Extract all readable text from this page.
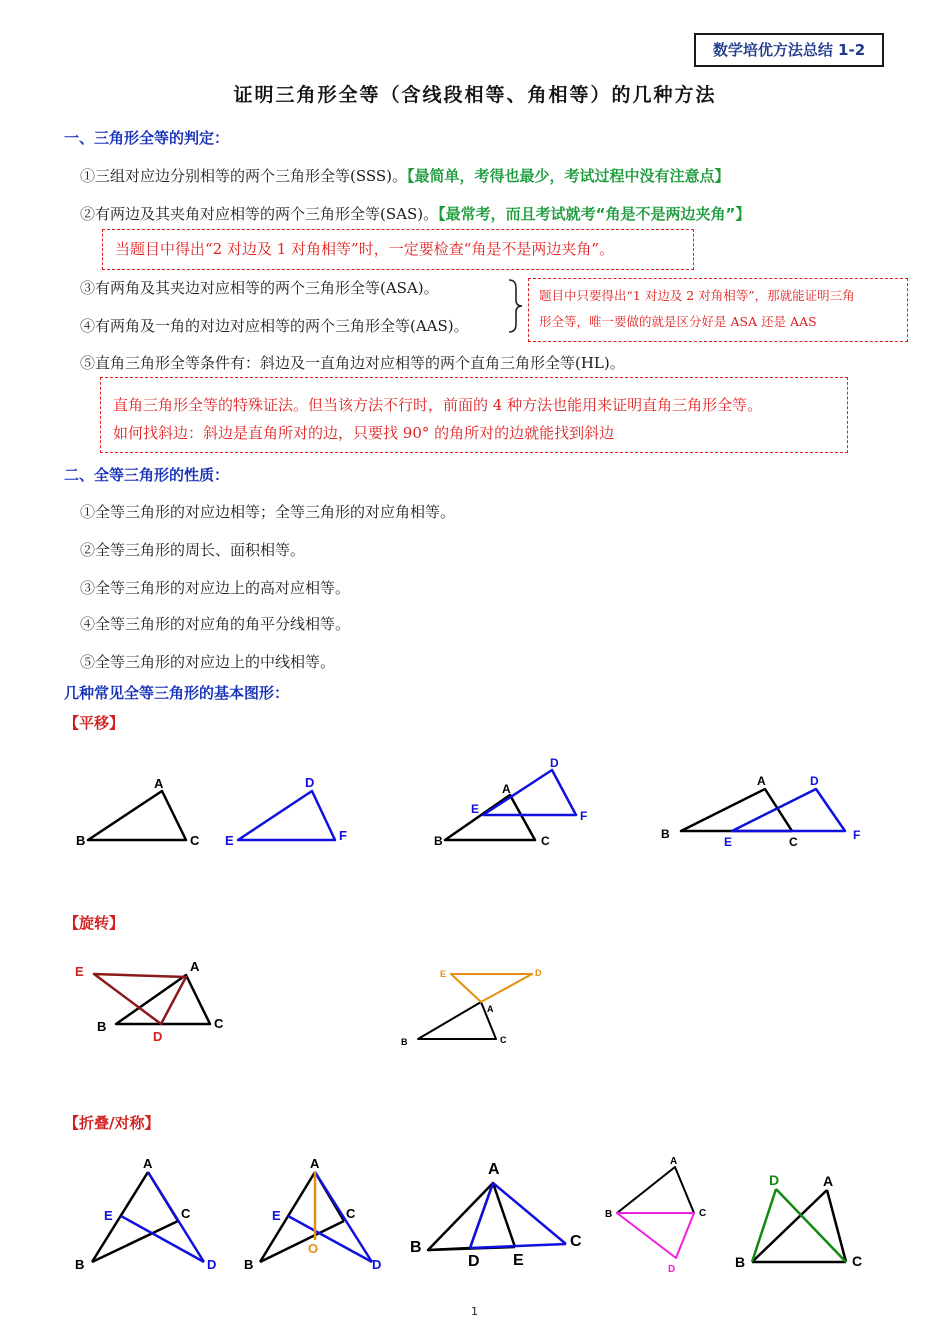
数学培优方法总结 1-2
证明三角形全等（含线段相等、角相等）的几种方法
一、三角形全等的判定：
①三组对应边分别相等的两个三角形全等(SSS)。【最简单，考得也最少，考试过程中没有注意点】
②有两边及其夹角对应相等的两个三角形全等(SAS)。【最常考，而且考试就考“角是不是两边夹角”】
当题目中得出“2 对边及 1 对角相等”时，一定要检查“角是不是两边夹角”。
③有两角及其夹边对应相等的两个三角形全等(ASA)。
④有两角及一角的对边对应相等的两个三角形全等(AAS)。
题目中只要得出“1 对边及 2 对角相等”，那就能证明三角
形全等，唯一要做的就是区分好是 ASA 还是 AAS
⑤直角三角形全等条件有：斜边及一直角边对应相等的两个直角三角形全等(HL)。
直角三角形全等的特殊证法。但当该方法不行时，前面的 4 种方法也能用来证明直角三角形全等。
如何找斜边：斜边是直角所对的边，只要找 90° 的角所对的边就能找到斜边
二、全等三角形的性质：
①全等三角形的对应边相等；全等三角形的对应角相等。
②全等三角形的周长、面积相等。
③全等三角形的对应边上的高对应相等。
④全等三角形的对应角的角平分线相等。
⑤全等三角形的对应边上的中线相等。
几种常见全等三角形的基本图形：
【平移】
【旋转】
【折叠/对称】
A
B	C
D
E	F
A
B	C
D
E	F
A
B
C
D
E	F
A
B	C
D
E
A
B	C
D
E
A
B
C
D
E
A
B
C
D
E
O
A
B	C
D E
A
B	C
D
A
B	C
D
1
